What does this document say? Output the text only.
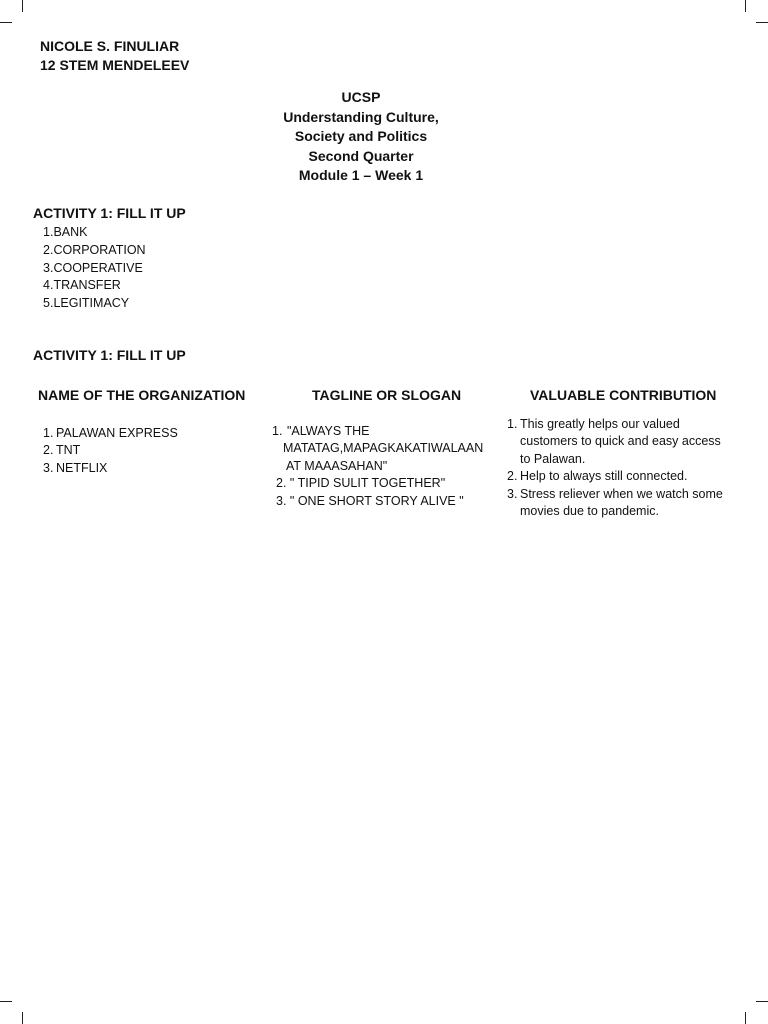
NICOLE S. FINULIAR
12 STEM MENDELEEV
UCSP
Understanding Culture,
Society and Politics
Second Quarter
Module 1 – Week 1
ACTIVITY 1: FILL IT UP
1.BANK
2.CORPORATION
3.COOPERATIVE
4.TRANSFER
5.LEGITIMACY
ACTIVITY 1: FILL IT UP
NAME OF THE ORGANIZATION	TAGLINE OR SLOGAN	VALUABLE CONTRIBUTION
1. PALAWAN EXPRESS
2. TNT
3. NETFLIX
1. "ALWAYS THE
MATATAG,MAPAGKAKATIWALAAN
AT MAAASAHAN"
2. " TIPID SULIT TOGETHER"
3. " ONE SHORT STORY ALIVE "
1. This greatly helps our valued
customers to quick and easy access
to Palawan.
2. Help to always still connected.
3. Stress reliever when we watch some
movies due to pandemic.
